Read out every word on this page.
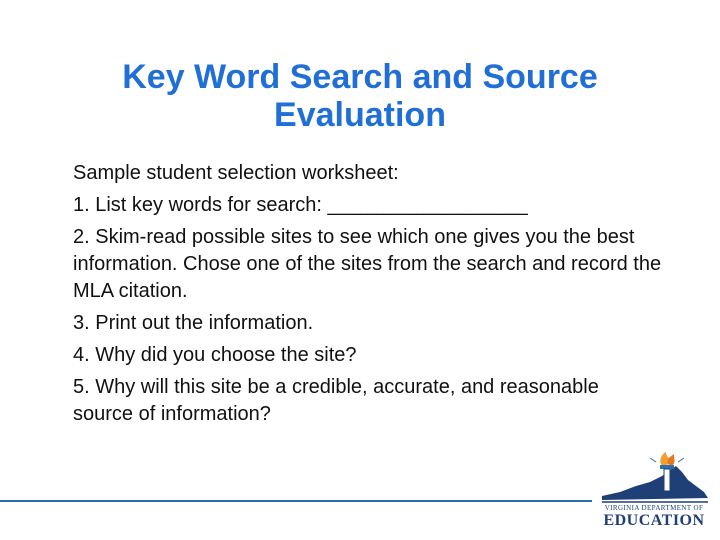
Key Word Search and Source Evaluation

Sample student selection worksheet:

1. List key words for search: __________________

2. Skim-read possible sites to see which one gives you the best information. Chose one of the sites from the search and record the MLA citation.

3. Print out the information.

4. Why did you choose the site?

5. Why will this site be a credible, accurate, and reasonable source of information?

VIRGINIA DEPARTMENT OF
EDUCATION
